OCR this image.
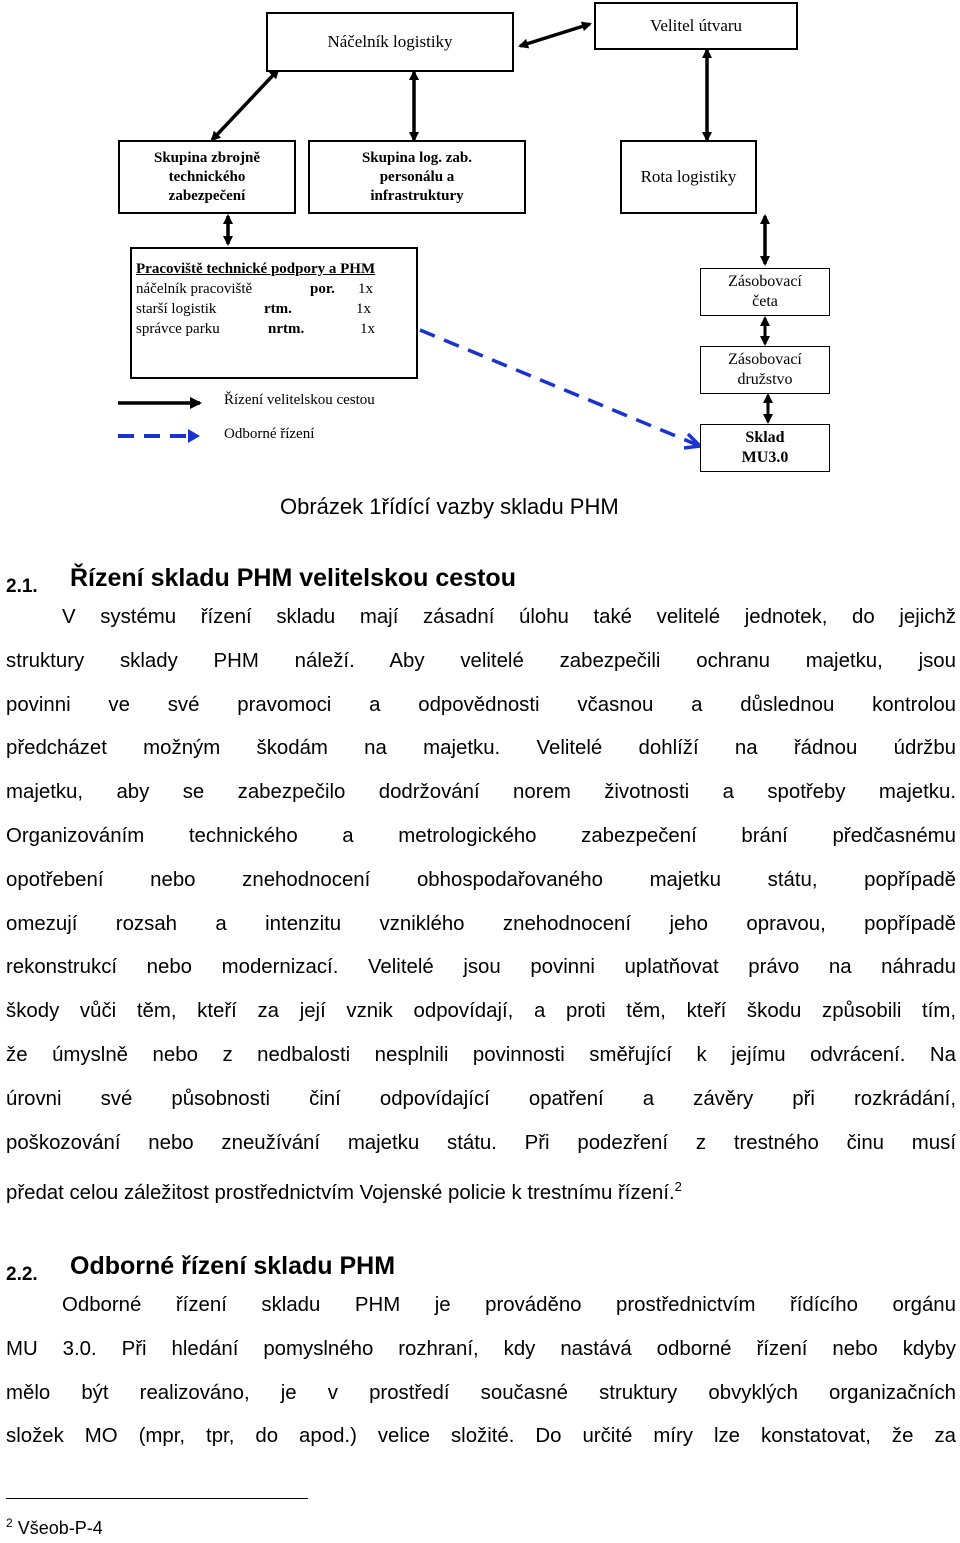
Náčelník logistiky
Velitel útvaru
Skupina zbrojně
technického
zabezpečení
Skupina log. zab.
personálu a
infrastruktury
Rota logistiky
Pracoviště technické podpory a PHM
náčelník pracoviště	por. 1x
starší logistik	rtm.	1x
správce parku	nrtm.	1x
Zásobovací
četa
Zásobovací
družstvo
Sklad
MU3.0
Řízení velitelskou cestou
Odborné řízení
Obrázek 1řídící vazby skladu PHM
2.1. Řízení skladu PHM velitelskou cestou
V systému řízení skladu mají zásadní úlohu také velitelé jednotek, do jejichž
struktury sklady PHM náleží. Aby velitelé zabezpečili ochranu majetku, jsou
povinni ve své pravomoci a odpovědnosti včasnou a důslednou kontrolou
předcházet možným škodám na majetku. Velitelé dohlíží na řádnou údržbu
majetku, aby se zabezpečilo dodržování norem životnosti a spotřeby majetku.
Organizováním technického a metrologického zabezpečení brání předčasnému
opotřebení nebo znehodnocení obhospodařovaného majetku státu, popřípadě
omezují rozsah a intenzitu vzniklého znehodnocení jeho opravou, popřípadě
rekonstrukcí nebo modernizací. Velitelé jsou povinni uplatňovat právo na náhradu
škody vůči těm, kteří za její vznik odpovídají, a proti těm, kteří škodu způsobili tím,
že úmyslně nebo z nedbalosti nesplnili povinnosti směřující k jejímu odvrácení. Na
úrovni své působnosti činí odpovídající opatření a závěry při rozkrádání,
poškozování nebo zneužívání majetku státu. Při podezření z trestného činu musí
předat celou záležitost prostřednictvím Vojenské policie k trestnímu řízení.$^2$
2.2. Odborné řízení skladu PHM
Odborné řízení skladu PHM je prováděno prostřednictvím řídícího orgánu
MU 3.0. Při hledání pomyslného rozhraní, kdy nastává odborné řízení nebo kdyby
mělo být realizováno, je v prostředí současné struktury obvyklých organizačních
složek MO (mpr, tpr, do apod.) velice složité. Do určité míry lze konstatovat, že za
$^2$ Všeob-P-4
